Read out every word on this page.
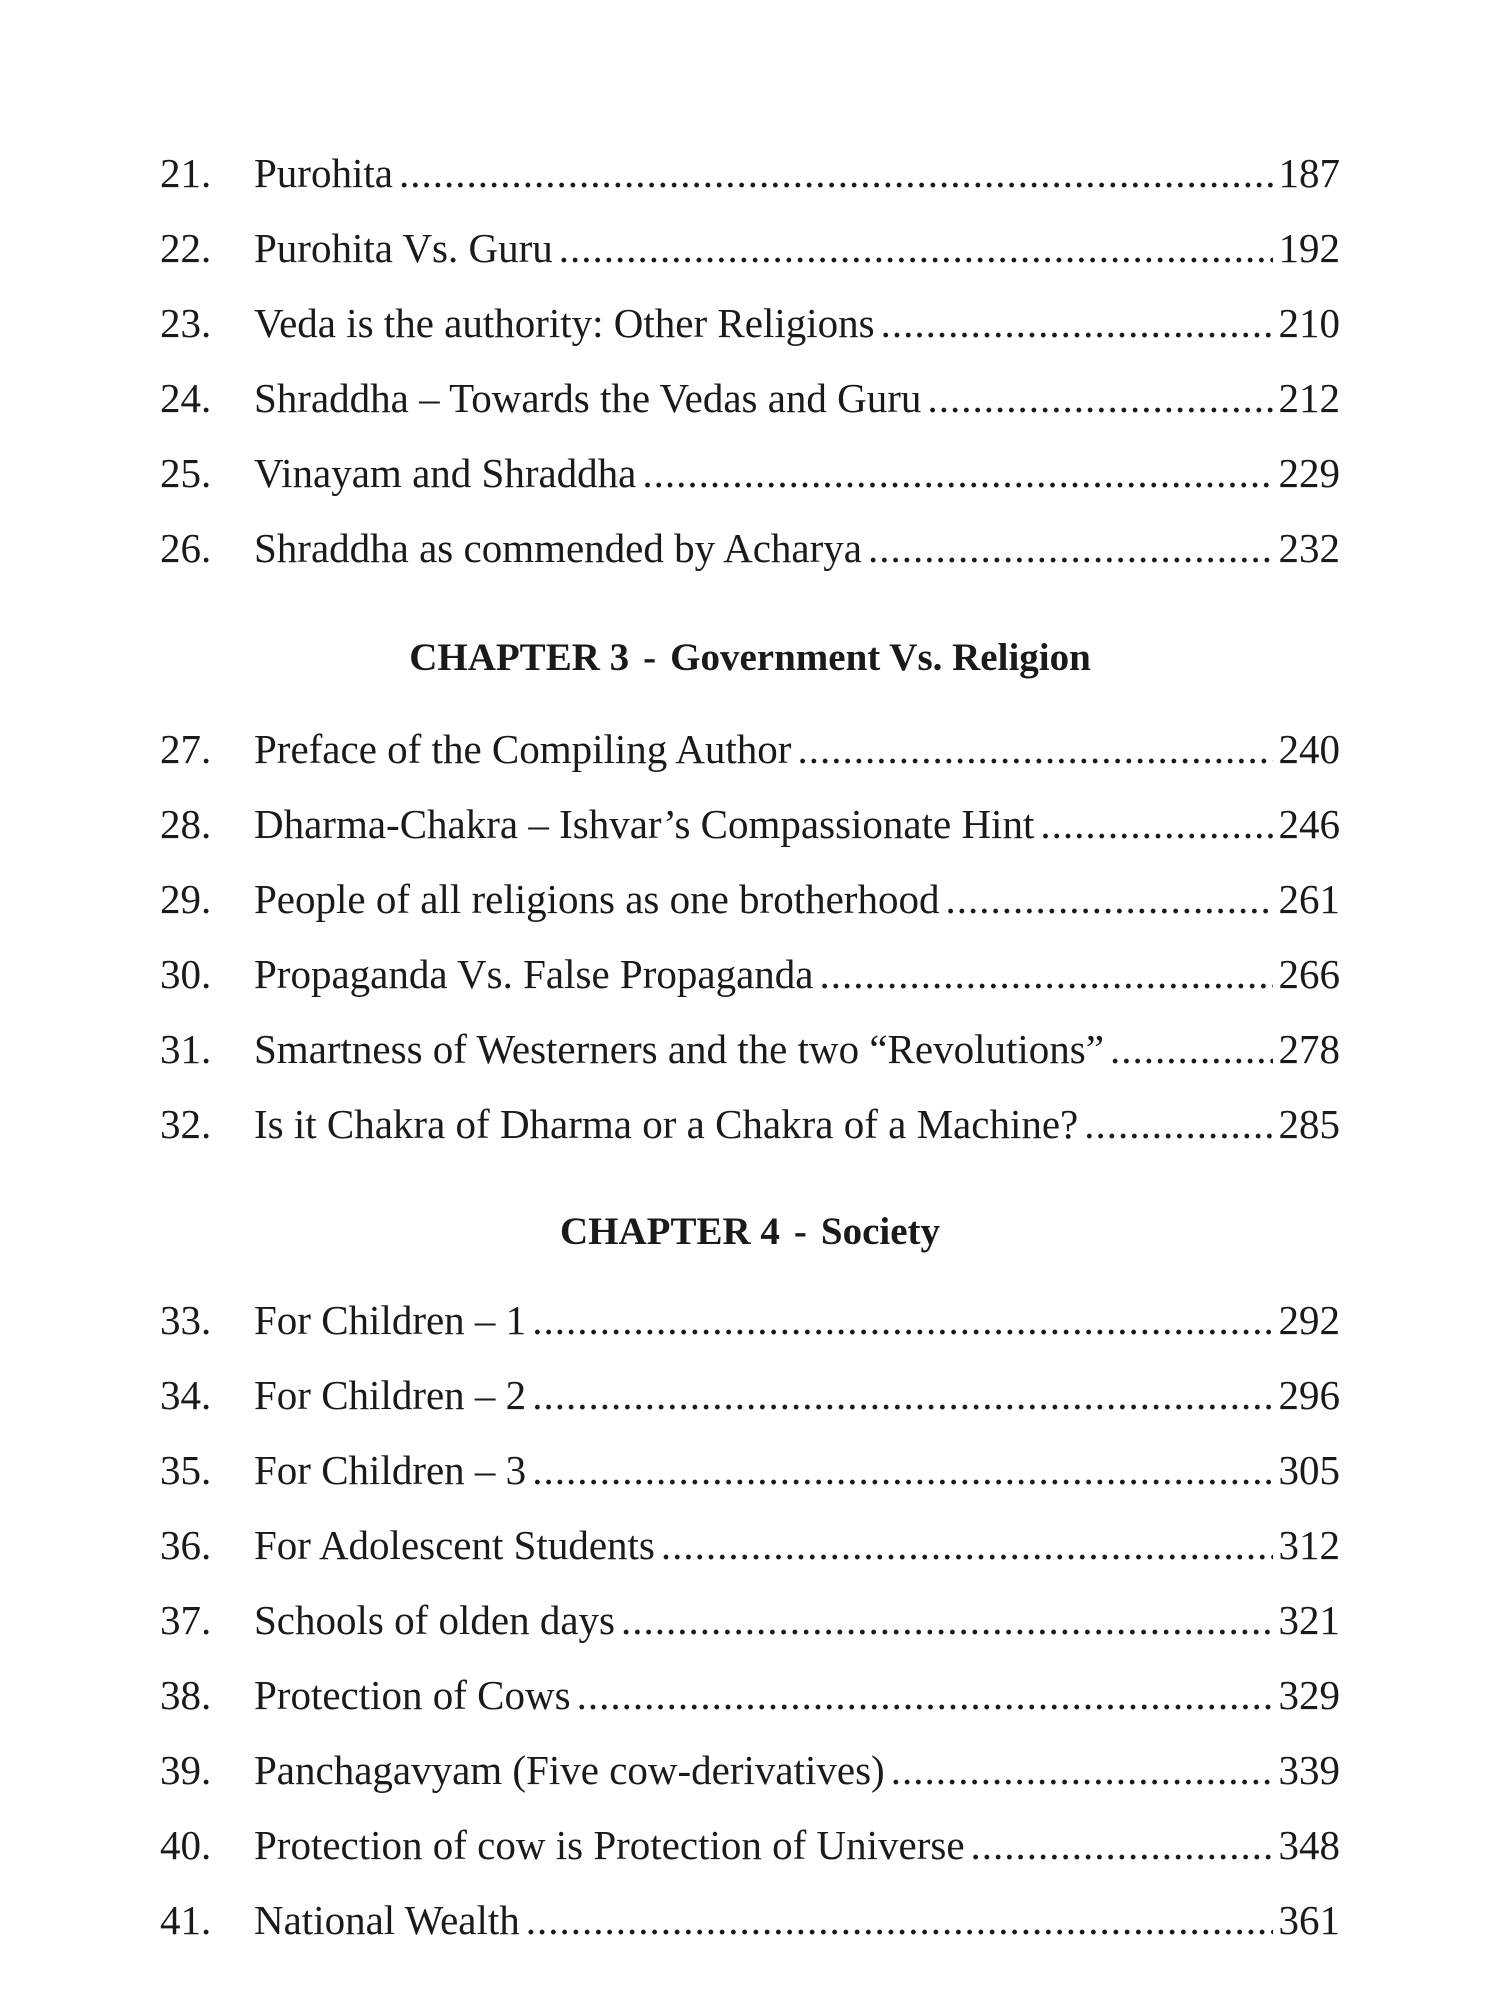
21.	Purohita .....	187
22.	Purohita Vs. Guru .....	192
23.	Veda is the authority: Other Religions .....	210
24.	Shraddha – Towards the Vedas and Guru .....	212
25.	Vinayam and Shraddha .....	229
26.	Shraddha as commended by Acharya .....	232
CHAPTER 3 - Government Vs. Religion
27.	Preface of the Compiling Author .....	240
28.	Dharma-Chakra – Ishvar’s Compassionate Hint .....	246
29.	People of all religions as one brotherhood .....	261
30.	Propaganda Vs. False Propaganda .....	266
31.	Smartness of Westerners and the two “Revolutions” .....	278
32.	Is it Chakra of Dharma or a Chakra of a Machine? .....	285
CHAPTER 4 - Society
33.	For Children – 1 .....	292
34.	For Children – 2 .....	296
35.	For Children – 3 .....	305
36.	For Adolescent Students .....	312
37.	Schools of olden days .....	321
38.	Protection of Cows .....	329
39.	Panchagavyam (Five cow-derivatives) .....	339
40.	Protection of cow is Protection of Universe .....	348
41.	National Wealth .....	361
